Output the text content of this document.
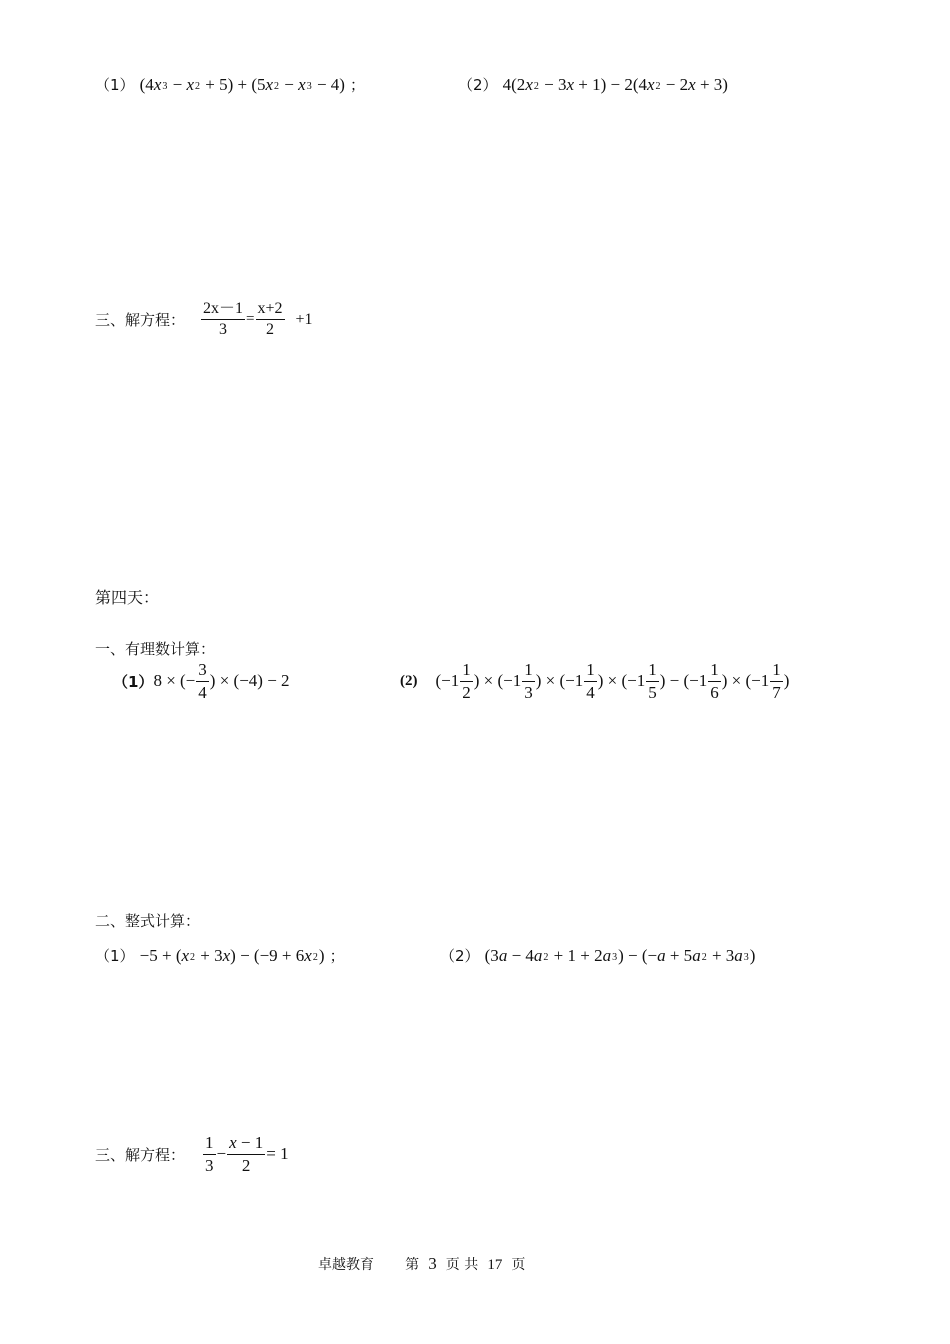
（1） (4x3 − x2 + 5) + (5x2 − x3 − 4) ；	（2） 4(2x2 − 3x + 1) − 2(4x2 − 2x + 3)
三、解方程： $\frac{2x-1}{3} = \frac{x+2}{2} +1$
第四天：
一、有理数计算：
（1） 8 × (− $\frac{3}{4}$ ) × (−4) − 2	(2) ($-1 \frac{1}{2}$ ) × ($-1 \frac{1}{3}$ ) × ($-1 \frac{1}{4}$ ) × ($-1 \frac{1}{5}$ ) − ($-1 \frac{1}{6}$ ) × ($-1 \frac{1}{7}$ )
二、整式计算：
（1） −5 + (x2 + 3x) − (−9 + 6x2) ；	（2） (3a − 4a2 + 1 + 2a3) − (−a + 5a2 + 3a3)
三、解方程： $\frac{1}{3} - \frac{x - 1}{2} = 1$
卓越教育 第 3 页 共 17 页
